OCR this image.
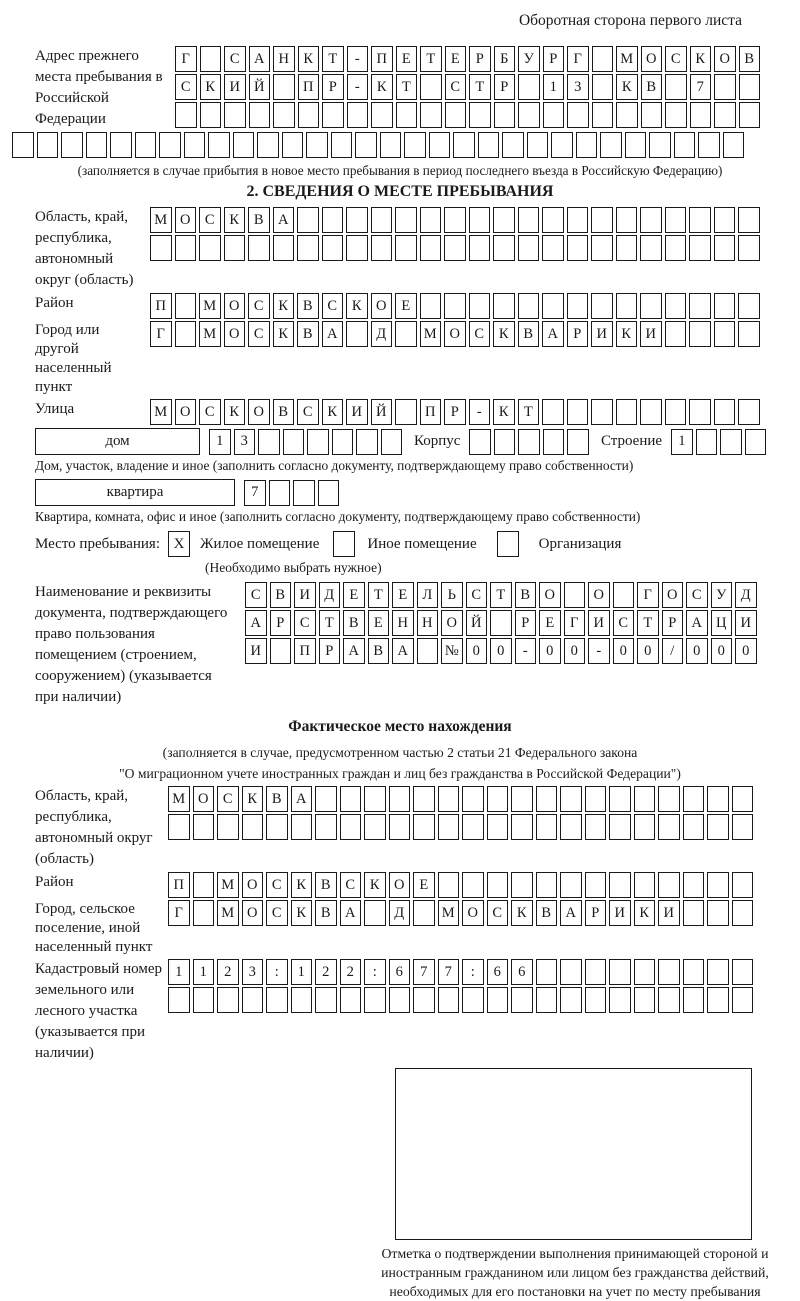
Оборотная сторона первого листа
Адрес прежнего места пребывания в Российской Федерации
Г	С А Н К	Т	-	П	Е	Т	Е	Р	Б	У	Р	Г	М О С	К О В
С	К И Й	П	Р	-	К	Т	С	Т	Р	1	3	К	В	7
(заполняется в случае прибытия в новое место пребывания в период последнего въезда в Российскую Федерацию)
2. СВЕДЕНИЯ О МЕСТЕ ПРЕБЫВАНИЯ
Область, край, республика, автономный округ (область)
М О С	К	В А
Район	П	М О С	К	В	С	К О	Е
Город или другой населенный пункт
Г	М О С	К	В А	Д	М О С	К	В А	Р	И К И
Улица	М О С	К О В	С	К И Й	П	Р	-	К	Т
дом	1	3	Корпус	Строение	1
Дом, участок, владение и иное (заполнить согласно документу, подтверждающему право собственности)
квартира	7
Квартира, комната, офис и иное (заполнить согласно документу, подтверждающему право собственности)
Место пребывания: X	Жилое помещение	Иное помещение	Организация
(Необходимо выбрать нужное)
Наименование и реквизиты документа, подтверждающего право пользования помещением (строением, сооружением) (указывается при наличии)
С	В И Д	Е	Т	Е	Л	Ь	С	Т	В О	О	Г	О С	У Д
А	Р	С	Т	В	Е	Н Н О Й	Р	Е	Г	И С	Т	Р	А Ц И
И	П	Р	А В А	№ 0	0	-	0	0	-	0	0	/	0	0	0
Фактическое место нахождения
(заполняется в случае, предусмотренном частью 2 статьи 21 Федерального закона
"О миграционном учете иностранных граждан и лиц без гражданства в Российской Федерации")
Область, край, республика, автономный округ (область)
М О С	К	В А
Район	П	М О С	К	В	С	К О	Е
Город, сельское поселение, иной населенный пункт
Г	М О С	К	В А	Д	М О С	К	В А	Р	И К И
Кадастровый номер земельного или лесного участка (указывается при наличии)
1	1	2	3	:	1	2	2	:	6	7	7	:	6	6
Отметка о подтверждении выполнения принимающей стороной и иностранным гражданином или лицом без гражданства действий, необходимых для его постановки на учет по месту пребывания
